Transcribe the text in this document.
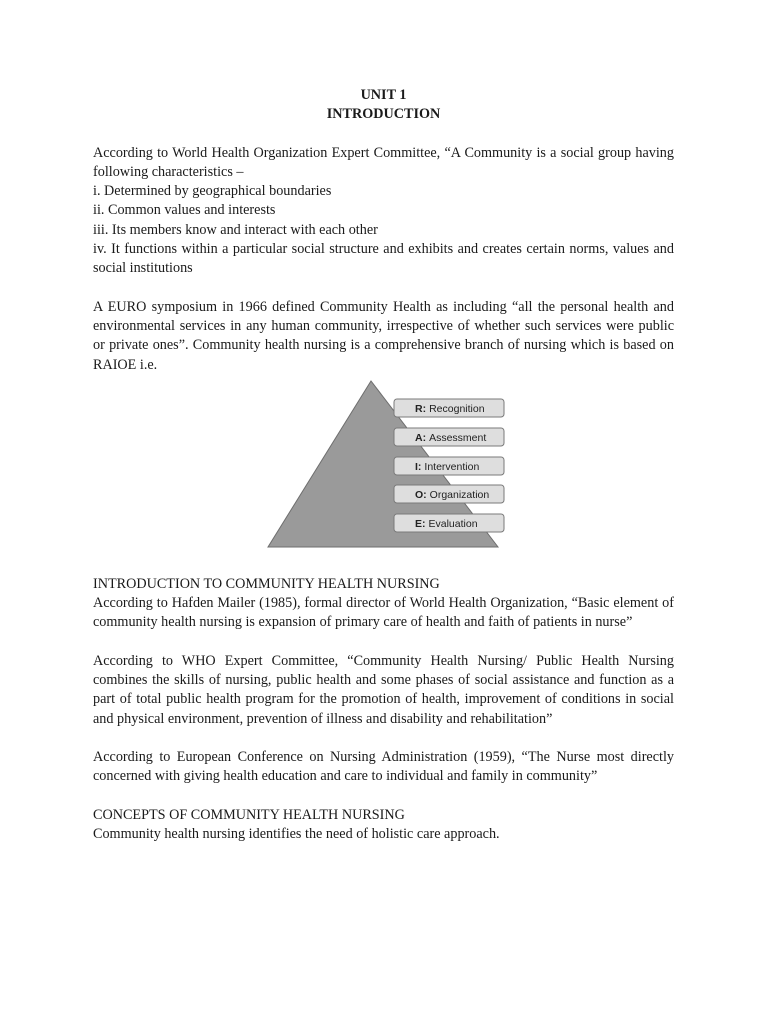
UNIT 1
INTRODUCTION

According to World Health Organization Expert Committee, “A Community is a social group having following characteristics –

i. Determined by geographical boundaries
ii. Common values and interests
iii. Its members know and interact with each other

iv. It functions within a particular social structure and exhibits and creates certain norms, values and social institutions

A EURO symposium in 1966 defined Community Health as including “all the personal health and environmental services in any human community, irrespective of whether such services were public or private ones”. Community health nursing is a comprehensive branch of nursing which is based on RAIOE i.e.

R: Recognition
A: Assessment
I: Intervention
O: Organization
E: Evaluation
INTRODUCTION TO COMMUNITY HEALTH NURSING

According to Hafden Mailer (1985), formal director of World Health Organization, “Basic element of community health nursing is expansion of primary care of health and faith of patients in nurse”

According to WHO Expert Committee, “Community Health Nursing/ Public Health Nursing combines the skills of nursing, public health and some phases of social assistance and function as a part of total public health program for the promotion of health, improvement of conditions in social and physical environment, prevention of illness and disability and rehabilitation”

According to European Conference on Nursing Administration (1959), “The Nurse most directly concerned with giving health education and care to individual and family in community”

CONCEPTS OF COMMUNITY HEALTH NURSING
Community health nursing identifies the need of holistic care approach.
